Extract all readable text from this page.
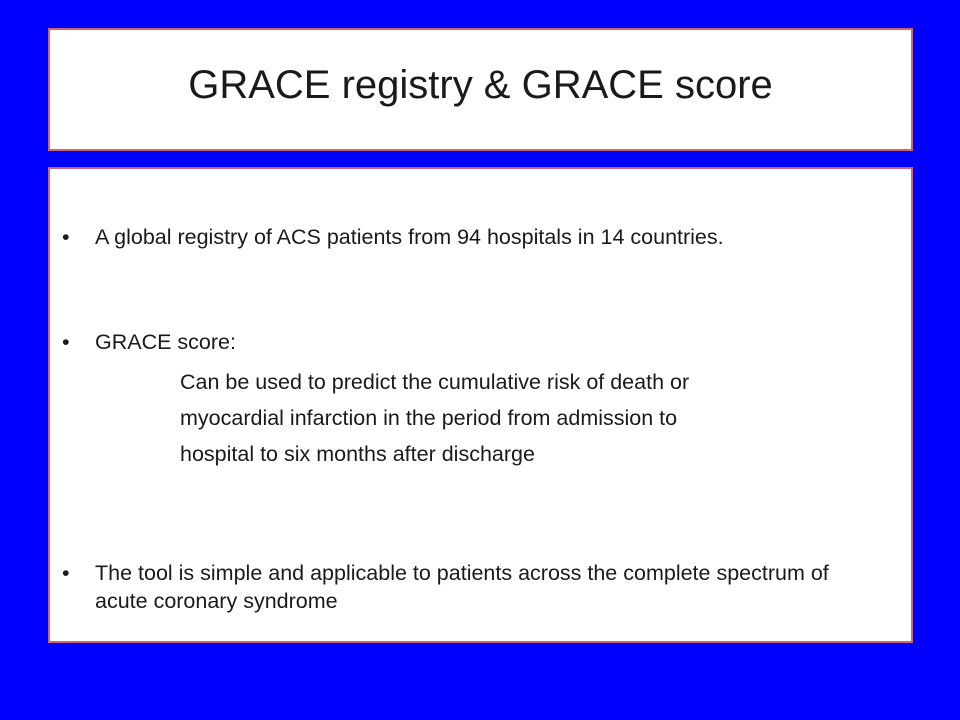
GRACE registry & GRACE score
• A global registry of ACS patients from 94 hospitals in 14 countries.
• GRACE score:
Can be used to predict the cumulative risk of death or
myocardial infarction in the period from admission to
hospital to six months after discharge
• The tool is simple and applicable to patients across the complete spectrum of acute coronary syndrome
